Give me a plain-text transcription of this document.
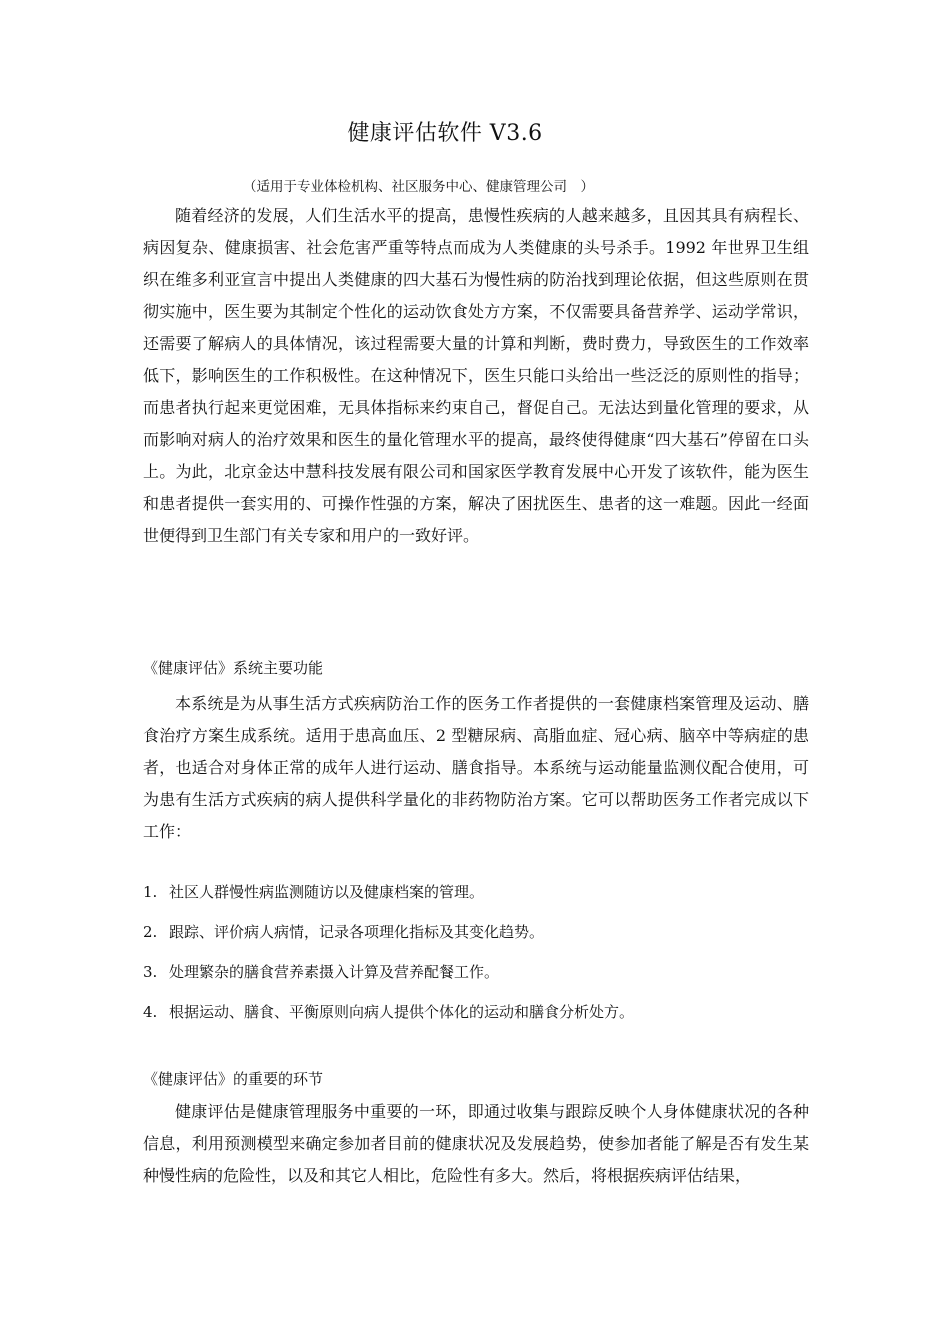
健康评估软件 V3.6
（适用于专业体检机构、社区服务中心、健康管理公司　）

随着经济的发展，人们生活水平的提高，患慢性疾病的人越来越多，且因其具有病程长、病因复杂、健康损害、社会危害严重等特点而成为人类健康的头号杀手。1992 年世界卫生组织在维多利亚宣言中提出人类健康的四大基石为慢性病的防治找到理论依据，但这些原则在贯彻实施中，医生要为其制定个性化的运动饮食处方方案，不仅需要具备营养学、运动学常识，还需要了解病人的具体情况，该过程需要大量的计算和判断，费时费力，导致医生的工作效率低下，影响医生的工作积极性。在这种情况下，医生只能口头给出一些泛泛的原则性的指导；而患者执行起来更觉困难，无具体指标来约束自己，督促自己。无法达到量化管理的要求，从而影响对病人的治疗效果和医生的量化管理水平的提高，最终使得健康“四大基石”停留在口头上。为此，北京金达中慧科技发展有限公司和国家医学教育发展中心开发了该软件，能为医生和患者提供一套实用的、可操作性强的方案，解决了困扰医生、患者的这一难题。因此一经面世便得到卫生部门有关专家和用户的一致好评。

《健康评估》系统主要功能

本系统是为从事生活方式疾病防治工作的医务工作者提供的一套健康档案管理及运动、膳食治疗方案生成系统。适用于患高血压、2 型糖尿病、高脂血症、冠心病、脑卒中等病症的患者，也适合对身体正常的成年人进行运动、膳食指导。本系统与运动能量监测仪配合使用，可为患有生活方式疾病的病人提供科学量化的非药物防治方案。它可以帮助医务工作者完成以下工作：

1. 社区人群慢性病监测随访以及健康档案的管理。
2. 跟踪、评价病人病情，记录各项理化指标及其变化趋势。
3. 处理繁杂的膳食营养素摄入计算及营养配餐工作。
4. 根据运动、膳食、平衡原则向病人提供个体化的运动和膳食分析处方。
《健康评估》的重要的环节

健康评估是健康管理服务中重要的一环，即通过收集与跟踪反映个人身体健康状况的各种信息，利用预测模型来确定参加者目前的健康状况及发展趋势，使参加者能了解是否有发生某种慢性病的危险性，以及和其它人相比，危险性有多大。然后，将根据疾病评估结果，
